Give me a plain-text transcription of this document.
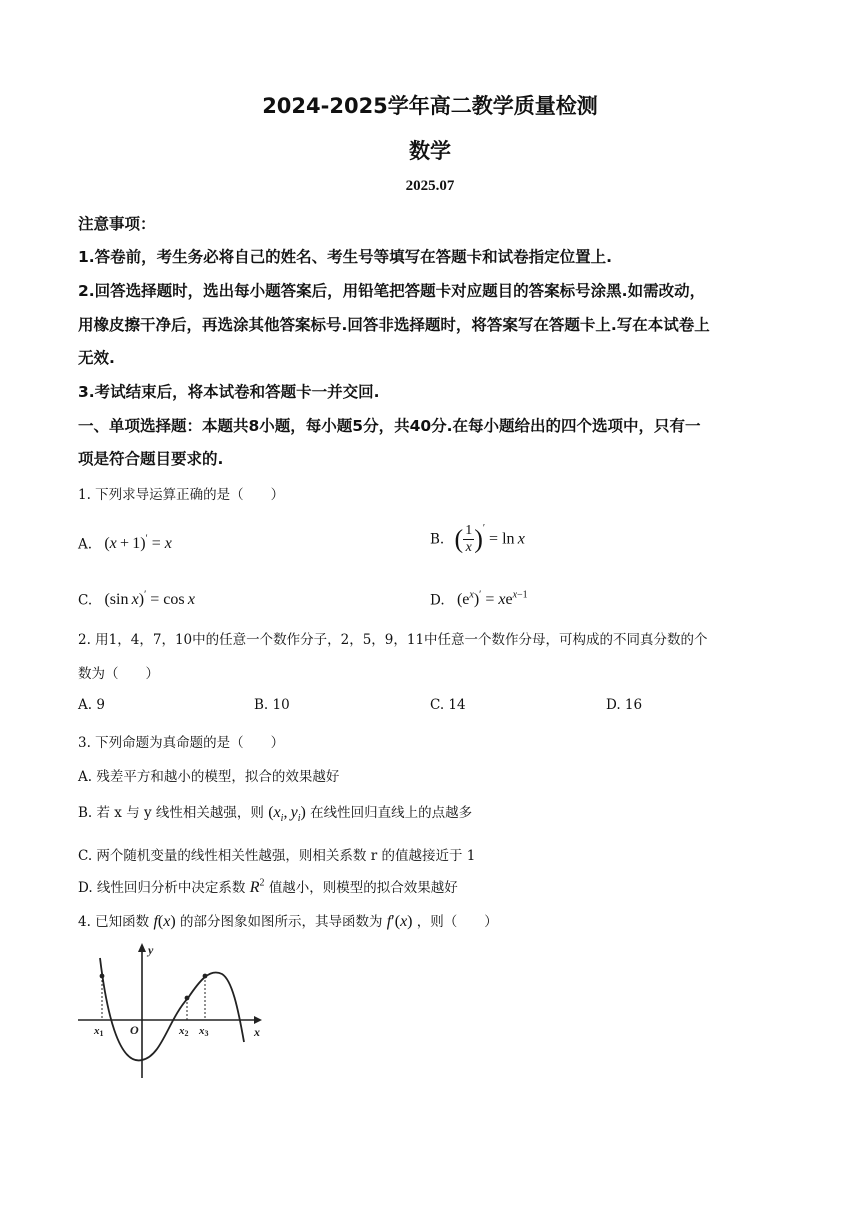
2024-2025学年高二教学质量检测
数学
2025.07
注意事项：
1.答卷前，考生务必将自己的姓名、考生号等填写在答题卡和试卷指定位置上.
2.回答选择题时，选出每小题答案后，用铅笔把答题卡对应题目的答案标号涂黑.如需改动，
用橡皮擦干净后，再选涂其他答案标号.回答非选择题时，将答案写在答题卡上.写在本试卷上
无效.
3.考试结束后，将本试卷和答题卡一并交回.
一、单项选择题：本题共8小题，每小题5分，共40分.在每小题给出的四个选项中，只有一
项是符合题目要求的.
1. 下列求导运算正确的是（　　）
A. (x + 1)′ = x	B. ( $\frac{1}{x} )' = \ln x$
C. (sin x)′ = cos x	D. $(e^x)' = xe^{x-1}$
2. 用1，4，7，10中的任意一个数作分子，2，5，9，11中任意一个数作分母，可构成的不同真分数的个
数为（　　）
A. 9	B. 10	C. 14	D. 16
3. 下列命题为真命题的是（　　）
A. 残差平方和越小的模型，拟合的效果越好
B. 若 x 与 y 线性相关越强，则 ($x_i$, $y_i$) 在线性回归直线上的点越多
C. 两个随机变量的线性相关性越强，则相关系数 r 的值越接近于 1
D. 线性回归分析中决定系数 $R^2$ 值越小，则模型的拟合效果越好
4. 已知函数 f(x) 的部分图象如图所示，其导函数为 f′(x) ，则（　　）
y
x
O
x1	x2 x3
